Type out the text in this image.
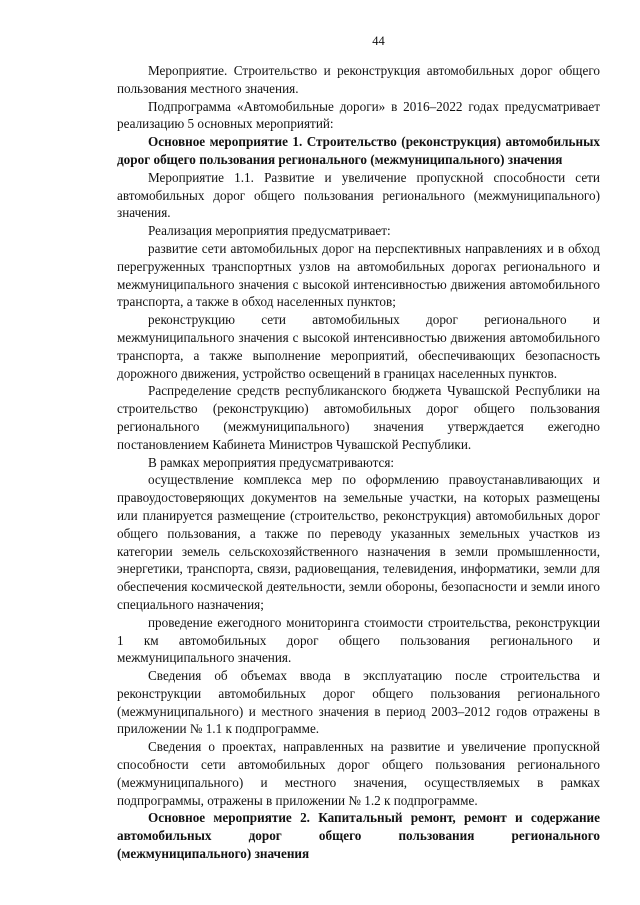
44

Мероприятие. Строительство и реконструкция автомобильных дорог общего пользования местного значения.

Подпрограмма «Автомобильные дороги» в 2016–2022 годах предусматривает реализацию 5 основных мероприятий:

Основное мероприятие 1. Строительство (реконструкция) автомобильных дорог общего пользования регионального (межмуниципального) значения

Мероприятие 1.1. Развитие и увеличение пропускной способности сети автомобильных дорог общего пользования регионального (межмуниципального) значения.

Реализация мероприятия предусматривает:

развитие сети автомобильных дорог на перспективных направлениях и в обход перегруженных транспортных узлов на автомобильных дорогах регионального и межмуниципального значения с высокой интенсивностью движения автомобильного транспорта, а также в обход населенных пунктов;

реконструкцию сети автомобильных дорог регионального и межмуниципального значения с высокой интенсивностью движения автомобильного транспорта, а также выполнение мероприятий, обеспечивающих безопасность дорожного движения, устройство освещений в границах населенных пунктов.

Распределение средств республиканского бюджета Чувашской Республики на строительство (реконструкцию) автомобильных дорог общего пользования регионального (межмуниципального) значения утверждается ежегодно постановлением Кабинета Министров Чувашской Республики.

В рамках мероприятия предусматриваются:

осуществление комплекса мер по оформлению правоустанавливающих и правоудостоверяющих документов на земельные участки, на которых размещены или планируется размещение (строительство, реконструкция) автомобильных дорог общего пользования, а также по переводу указанных земельных участков из категории земель сельскохозяйственного назначения в земли промышленности, энергетики, транспорта, связи, радиовещания, телевидения, информатики, земли для обеспечения космической деятельности, земли обороны, безопасности и земли иного специального назначения;

проведение ежегодного мониторинга стоимости строительства, реконструкции 1 км автомобильных дорог общего пользования регионального и межмуниципального значения.

Сведения об объемах ввода в эксплуатацию после строительства и реконструкции автомобильных дорог общего пользования регионального (межмуниципального) и местного значения в период 2003–2012 годов отражены в приложении № 1.1 к подпрограмме.

Сведения о проектах, направленных на развитие и увеличение пропускной способности сети автомобильных дорог общего пользования регионального (межмуниципального) и местного значения, осуществляемых в рамках подпрограммы, отражены в приложении № 1.2 к подпрограмме.

Основное мероприятие 2. Капитальный ремонт, ремонт и содержание автомобильных дорог общего пользования регионального (межмуниципального) значения
